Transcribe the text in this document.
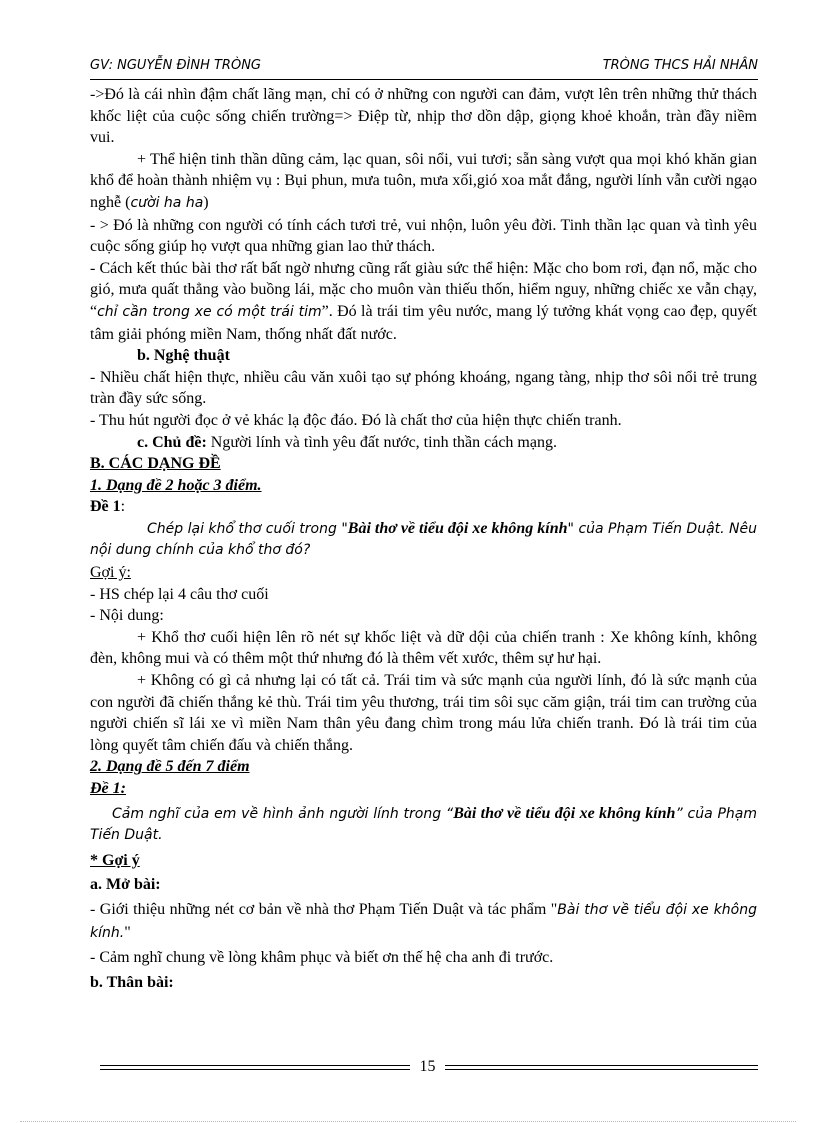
GV: NGUYỄN ĐÌNH TRÒNG	TRÒNG THCS HẢI NHÂN

->Đó là cái nhìn đậm chất lãng mạn, chỉ có ở những con người can đảm, vượt lên trên những thử thách khốc liệt của cuộc sống chiến trường=> Điệp từ, nhịp thơ dồn dập, giọng khoẻ khoắn, tràn đầy niềm vui.

+ Thể hiện tinh thần dũng cảm, lạc quan, sôi nổi, vui tươi; sẵn sàng vượt qua mọi khó khăn gian khổ để hoàn thành nhiệm vụ : Bụi phun, mưa tuôn, mưa xối,gió xoa mắt đắng, người lính vẫn cười ngạo nghễ (cười ha ha)

- > Đó là những con người có tính cách tươi trẻ, vui nhộn, luôn yêu đời. Tinh thần lạc quan và tình yêu cuộc sống giúp họ vượt qua những gian lao thử thách.

- Cách kết thúc bài thơ rất bất ngờ nhưng cũng rất giàu sức thể hiện: Mặc cho bom rơi, đạn nổ, mặc cho gió, mưa quất thẳng vào buồng lái, mặc cho muôn vàn thiếu thốn, hiểm nguy, những chiếc xe vẫn chạy, “chỉ cần trong xe có một trái tim”. Đó là trái tim yêu nước, mang lý tưởng khát vọng cao đẹp, quyết tâm giải phóng miền Nam, thống nhất đất nước.

b. Nghệ thuật

- Nhiều chất hiện thực, nhiều câu văn xuôi tạo sự phóng khoáng, ngang tàng, nhịp thơ sôi nổi trẻ trung tràn đầy sức sống.

- Thu hút người đọc ở vẻ khác lạ độc đáo. Đó là chất thơ của hiện thực chiến tranh.

c. Chủ đề: Người lính và tình yêu đất nước, tinh thần cách mạng.

B. CÁC DẠNG ĐỀ

1. Dạng đề 2 hoặc 3 điểm.

Đề 1:

Chép lại khổ thơ cuối trong "Bài thơ về tiểu đội xe không kính" của Phạm Tiến Duật. Nêu nội dung chính của khổ thơ đó?

Gợi ý:

- HS chép lại 4 câu thơ cuối

- Nội dung:

+ Khổ thơ cuối hiện lên rõ nét sự khốc liệt và dữ dội của chiến tranh : Xe không kính, không đèn, không mui và có thêm một thứ nhưng đó là thêm vết xước, thêm sự hư hại.

+ Không có gì cả nhưng lại có tất cả. Trái tim và sức mạnh của người lính, đó là sức mạnh của con người đã chiến thắng kẻ thù. Trái tim yêu thương, trái tim sôi sục căm giận, trái tim can trường của người chiến sĩ lái xe vì miền Nam thân yêu đang chìm trong máu lửa chiến tranh. Đó là trái tim của lòng quyết tâm chiến đấu và chiến thắng.

2. Dạng đề 5 đến 7 điểm

Đề 1:

Cảm nghĩ của em về hình ảnh người lính trong “Bài thơ về tiểu đội xe không kính” của Phạm Tiến Duật.

* Gợi ý

a. Mở bài:

- Giới thiệu những nét cơ bản về nhà thơ Phạm Tiến Duật và tác phẩm "Bài thơ về tiểu đội xe không kính."

- Cảm nghĩ chung về lòng khâm phục và biết ơn thế hệ cha anh đi trước.

b. Thân bài:

15
